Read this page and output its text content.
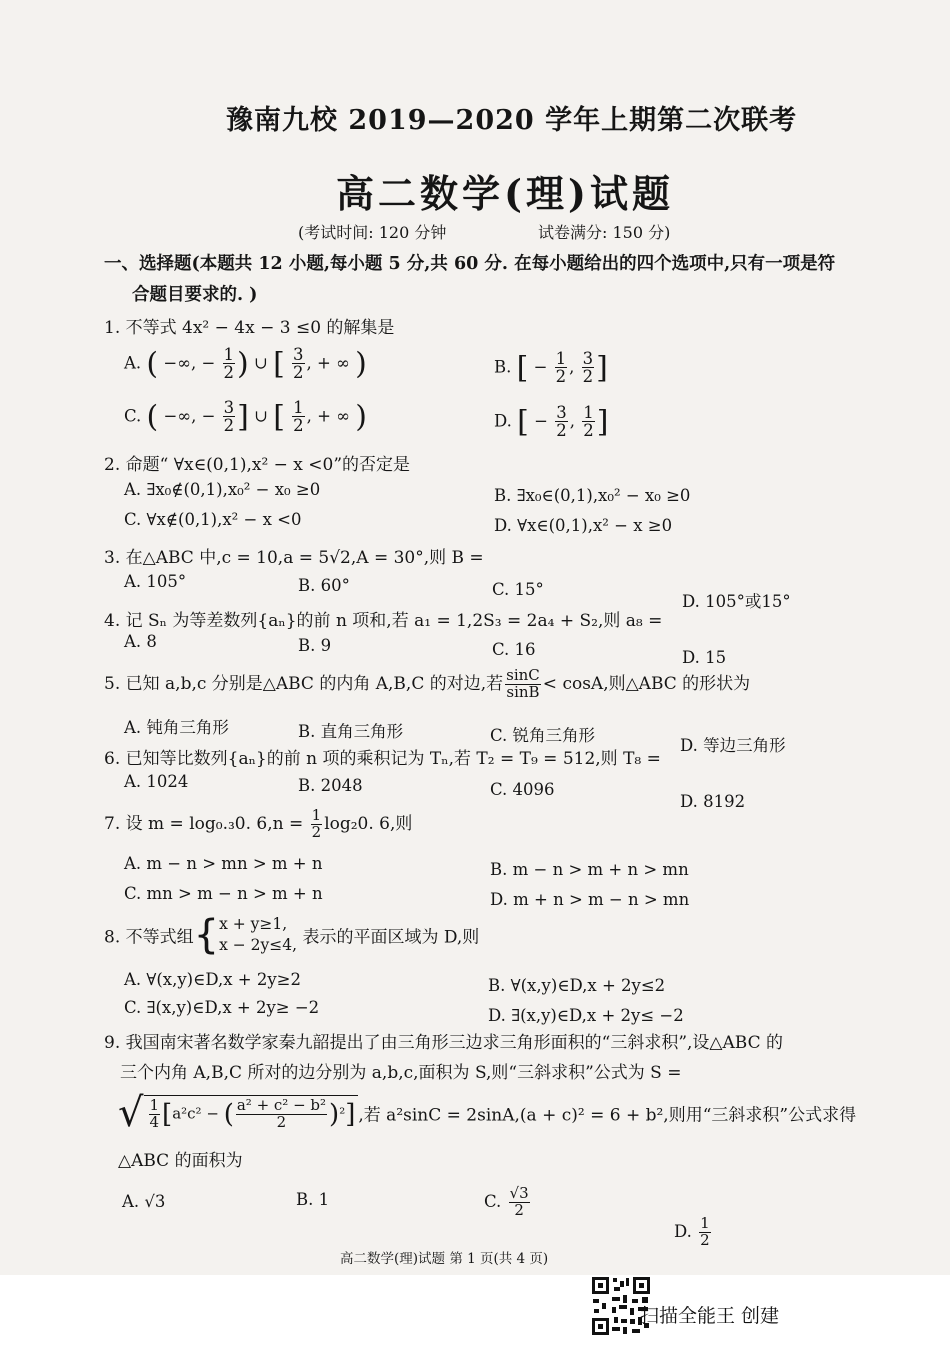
豫南九校 2019—2020 学年上期第二次联考
高二数学(理)试题
(考试时间: 120 分钟	试卷满分: 150 分)
一、选择题(本题共 12 小题,每小题 5 分,共 60 分. 在每小题给出的四个选项中,只有一项是符
合题目要求的. )
1. 不等式 4x² − 4x − 3 ≤0 的解集是
A. ( −∞, − $\frac{1}{2}$ ) ∪ [ $\frac{3}{2}$ , + ∞ )	B. [ − $\frac{1}{2}$ , $\frac{3}{2}$ ]
C. ( −∞, − $\frac{3}{2}$ ] ∪ [ $\frac{1}{2}$ , + ∞ )	D. [ − $\frac{3}{2}$ , $\frac{1}{2}$ ]
2. 命题“ ∀x∈(0,1),x² − x <0”的否定是
A. ∃x₀∉(0,1),x₀² − x₀ ≥0	B. ∃x₀∈(0,1),x₀² − x₀ ≥0
C. ∀x∉(0,1),x² − x <0	D. ∀x∈(0,1),x² − x ≥0
3. 在△ABC 中,c = 10,a = 5√2,A = 30°,则 B =
A. 105°	B. 60°	C. 15°
D. 105°或15°
4. 记 Sₙ 为等差数列{aₙ}的前 n 项和,若 a₁ = 1,2S₃ = 2a₄ + S₂,则 a₈ =
A. 8	B. 9	C. 16	D. 15
5. 已知 a,b,c 分别是△ABC 的内角 A,B,C 的对边,若 $\frac{\sin C}{\sin B} < \cos A$,则△ABC 的形状为
A. 钝角三角形	B. 直角三角形	C. 锐角三角形
D. 等边三角形
6. 已知等比数列{aₙ}的前 n 项的乘积记为 Tₙ,若 T₂ = T₉ = 512,则 T₈ =
A. 1024	B. 2048	C. 4096
D. 8192
7. 设 m = log₀.₃0. $6,n = \frac{1}{2} \log_20$. 6,则
A. m − n > mn > m + n	B. m − n > m + n > mn
C. mn > m − n > m + n	D. m + n > m − n > mn
8. 不等式组{ x + y≥1,
x − 2y≤4, 表示的平面区域为 D,则
A. ∀(x,y)∈D,x + 2y≥2	B. ∀(x,y)∈D,x + 2y≤2
C. ∃(x,y)∈D,x + 2y≥ −2	D. ∃(x,y)∈D,x + 2y≤ −2
9. 我国南宋著名数学家秦九韶提出了由三角形三边求三角形面积的“三斜求积”,设△ABC 的
三个内角 A,B,C 所对的边分别为 a,b,c,面积为 S,则“三斜求积”公式为 S =
√ $\frac{1}{4} [a^2c^2$ − ( $\frac{\text{a² + c² − b²}}{2} )^2$] ,若 a²sinC = 2sinA,(a + c)² = 6 + b²,则用“三斜求积”公式求得
△ABC 的面积为
A. √3	B. 1	C. $\frac{√3}{2}$
D. $\frac{1}{2}$
高二数学(理)试题 第 1 页(共 4 页)
扫描全能王 创建
